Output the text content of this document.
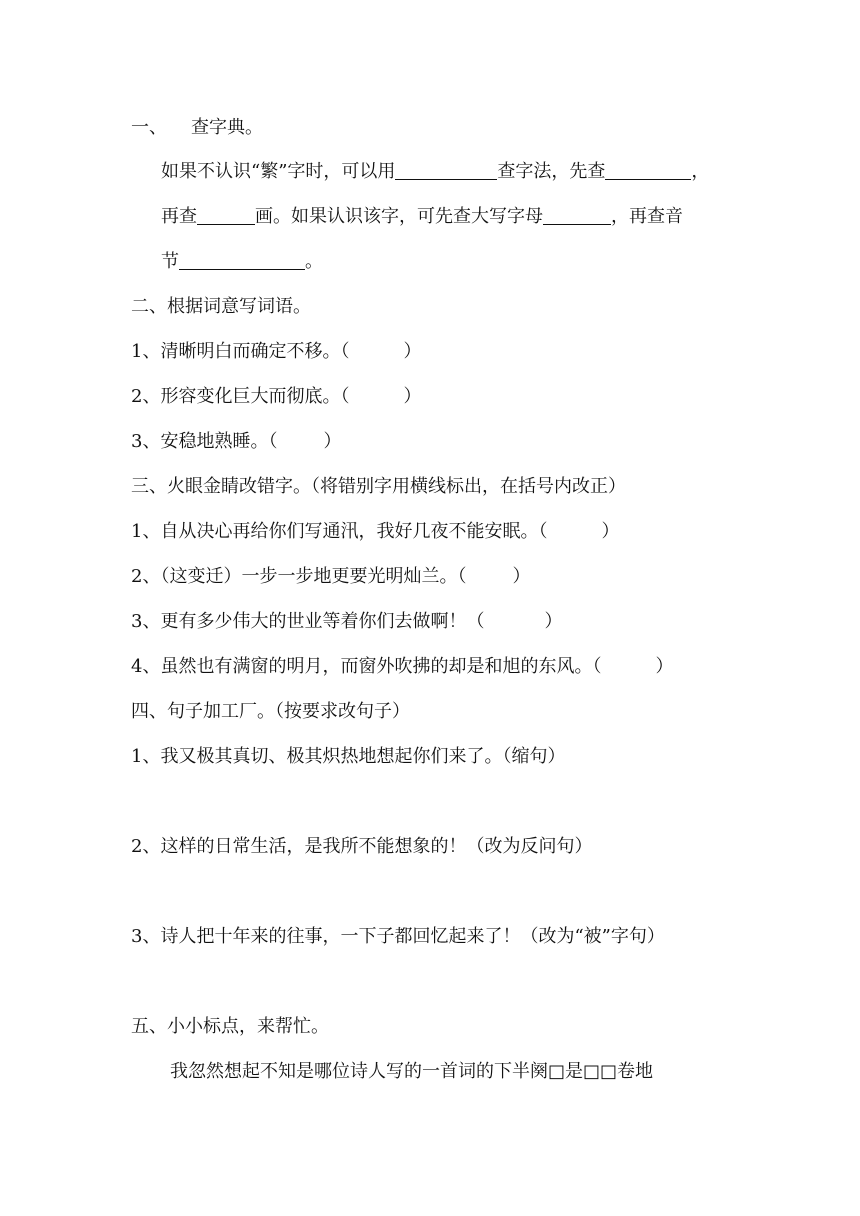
一、 查字典。
如果不认识“繁”字时，可以用	查字法，先查	，
再查	画。如果认识该字，可先查大写字母	，再查音
节	。
二、根据词意写词语。
1、清晰明白而确定不移。（	）
2、形容变化巨大而彻底。（	）
3、安稳地熟睡。（	）
三、火眼金睛改错字。（将错别字用横线标出，在括号内改正）
1、自从决心再给你们写通汛，我好几夜不能安眠。（	）
2、（这变迁）一步一步地更要光明灿兰。（	）
3、更有多少伟大的世业等着你们去做啊！（	）
4、虽然也有满窗的明月，而窗外吹拂的却是和旭的东风。（	）
四、句子加工厂。（按要求改句子）
1、我又极其真切、极其炽热地想起你们来了。（缩句）
2、这样的日常生活，是我所不能想象的！（改为反问句）
3、诗人把十年来的往事，一下子都回忆起来了！（改为“被”字句）
五、小小标点，来帮忙。
我忽然想起不知是哪位诗人写的一首词的下半阕□是□□卷地
